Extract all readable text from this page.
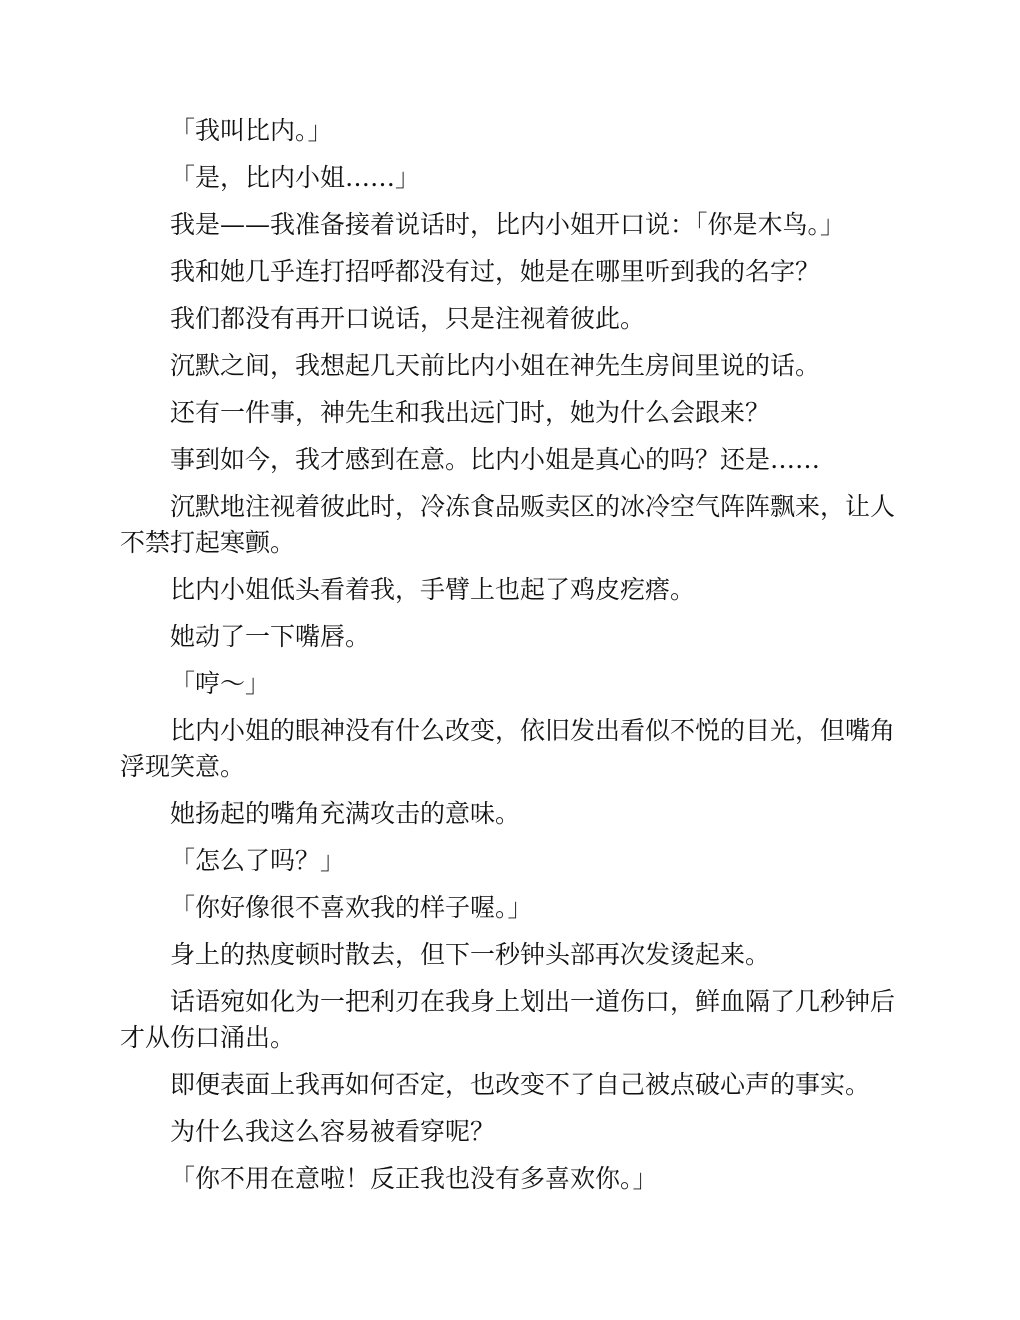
「我叫比内。」

「是，比内小姐……」

我是——我准备接着说话时，比内小姐开口说：「你是木鸟。」

我和她几乎连打招呼都没有过，她是在哪里听到我的名字？

我们都没有再开口说话，只是注视着彼此。

沉默之间，我想起几天前比内小姐在神先生房间里说的话。

还有一件事，神先生和我出远门时，她为什么会跟来？

事到如今，我才感到在意。比内小姐是真心的吗？还是……

沉默地注视着彼此时，冷冻食品贩卖区的冰冷空气阵阵飘来，让人不禁打起寒颤。

比内小姐低头看着我，手臂上也起了鸡皮疙瘩。

她动了一下嘴唇。

「哼～」

比内小姐的眼神没有什么改变，依旧发出看似不悦的目光，但嘴角浮现笑意。

她扬起的嘴角充满攻击的意味。

「怎么了吗？」

「你好像很不喜欢我的样子喔。」

身上的热度顿时散去，但下一秒钟头部再次发烫起来。

话语宛如化为一把利刃在我身上划出一道伤口，鲜血隔了几秒钟后才从伤口涌出。

即便表面上我再如何否定，也改变不了自己被点破心声的事实。

为什么我这么容易被看穿呢？

「你不用在意啦！反正我也没有多喜欢你。」
